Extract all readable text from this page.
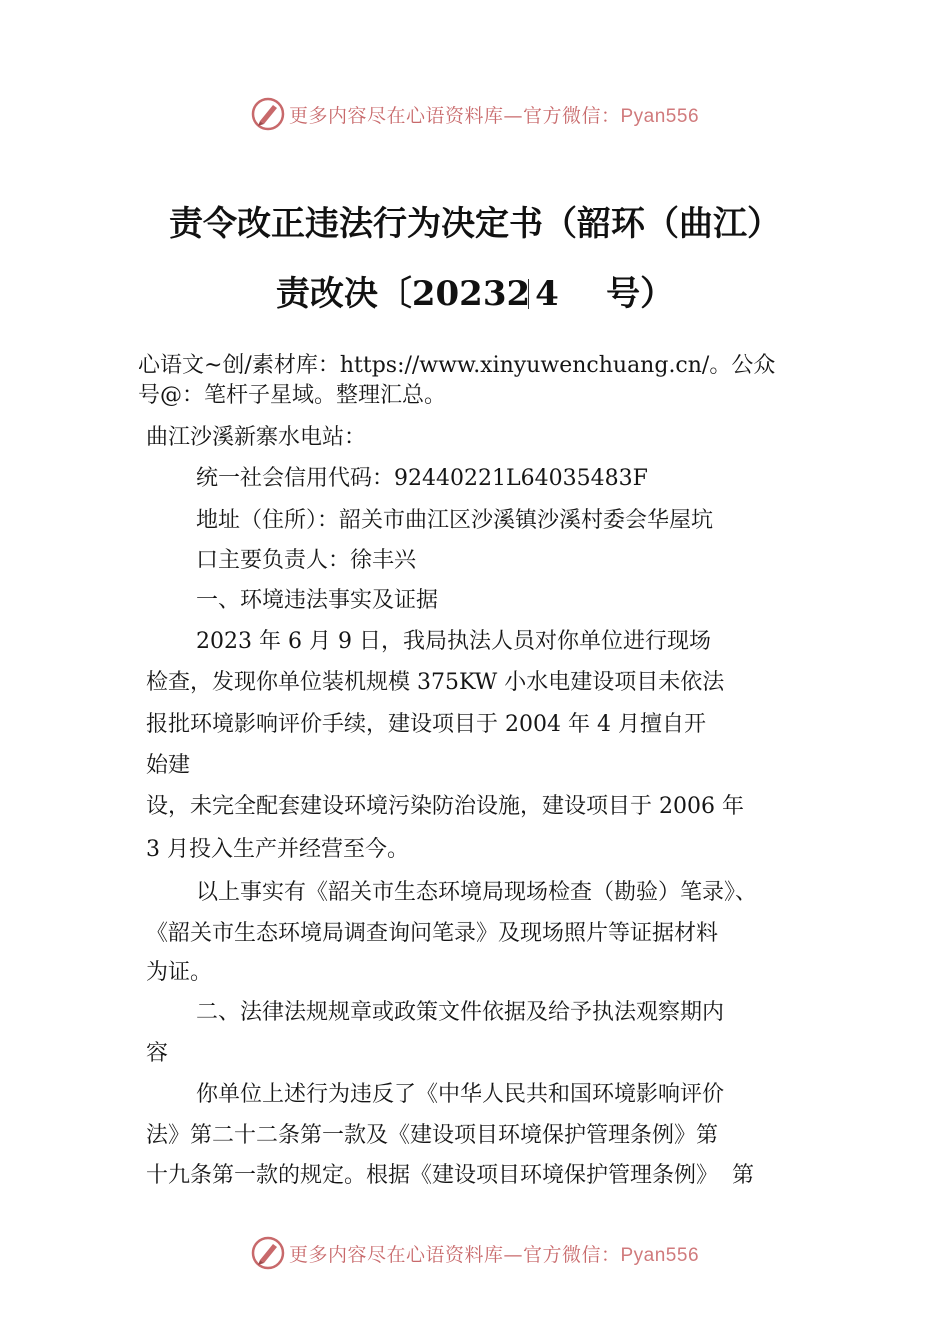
更多内容尽在心语资料库—官方微信：Pyan556
责令改正违法行为决定书（韶环（曲江）
责改决〔20232 4    号）
心语文~创/素材库：https://www.xinyuwenchuang.cn/。公众
号@：笔杆子星域。整理汇总。
曲江沙溪新寨水电站：
统一社会信用代码：92440221L64035483F
地址（住所）：韶关市曲江区沙溪镇沙溪村委会华屋坑
口主要负责人：徐丰兴
一、环境违法事实及证据
2023 年 6 月 9 日，我局执法人员对你单位进行现场
检查，发现你单位装机规模 375KW 小水电建设项目未依法
报批环境影响评价手续，建设项目于 2004 年 4 月擅自开
始建
设，未完全配套建设环境污染防治设施，建设项目于 2006 年
3 月投入生产并经营至今。
以上事实有《韶关市生态环境局现场检查（勘验）笔录》、
《韶关市生态环境局调查询问笔录》及现场照片等证据材料
为证。
二、法律法规规章或政策文件依据及给予执法观察期内
容
你单位上述行为违反了《中华人民共和国环境影响评价
法》第二十二条第一款及《建设项目环境保护管理条例》第
十九条第一款的规定。根据《建设项目环境保护管理条例》  第
更多内容尽在心语资料库—官方微信：Pyan556
